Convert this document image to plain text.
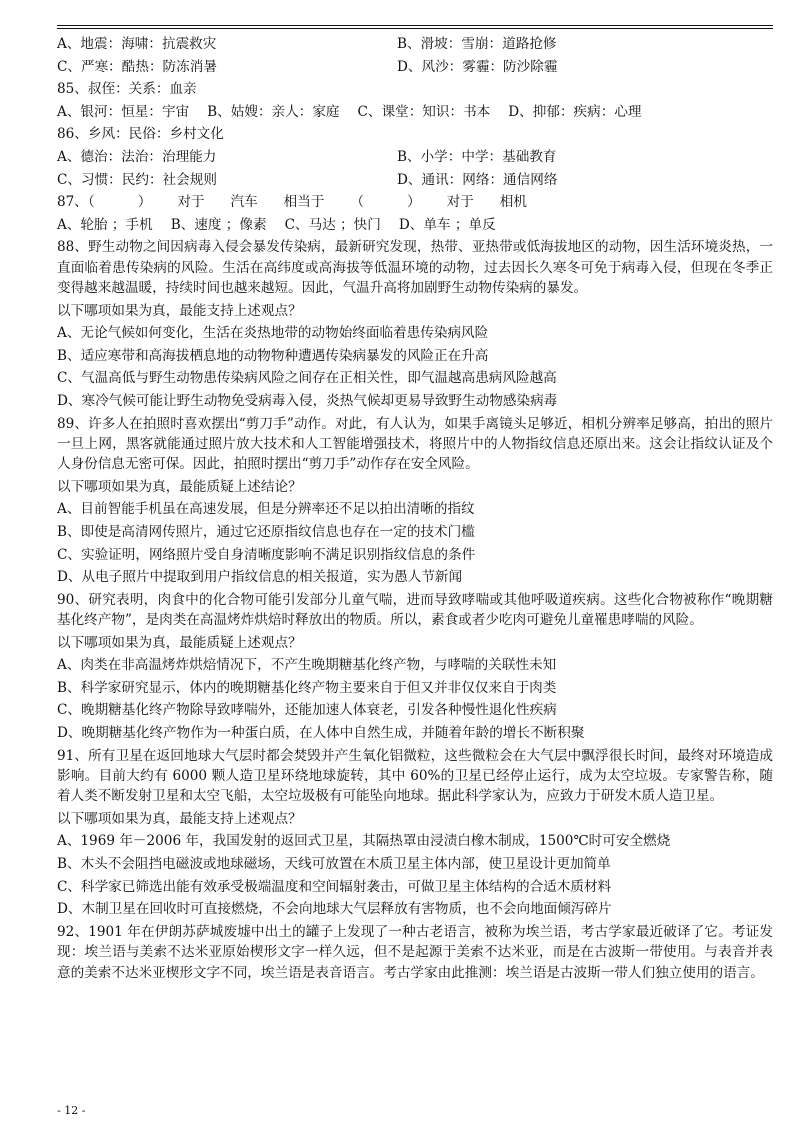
A、地震：海啸：抗震救灾	B、滑坡：雪崩：道路抢修
C、严寒：酷热：防冻消暑	D、风沙：雾霾：防沙除霾
85、叔侄：关系：血亲
A、银河：恒星：宇宙 B、姑嫂：亲人：家庭 C、课堂：知识：书本 D、抑郁：疾病：心理
86、乡风：民俗：乡村文化
A、德治：法治：治理能力	B、小学：中学：基础教育
C、习惯：民约：社会规则	D、通讯：网络：通信网络
87、（          ）      对于      汽车      相当于      （          ）      对于      相机
A、轮胎 ；手机 B、速度 ；像素 C、马达 ；快门 D、单车 ；单反
88、野生动物之间因病毒入侵会暴发传染病，最新研究发现，热带、亚热带或低海拔地区的动物，因生活环境炎热，一直面临着患传染病的风险。生活在高纬度或高海拔等低温环境的动物，过去因长久寒冬可免于病毒入侵，但现在冬季正变得越来越温暖，持续时间也越来越短。因此，气温升高将加剧野生动物传染病的暴发。
以下哪项如果为真，最能支持上述观点？
A、无论气候如何变化，生活在炎热地带的动物始终面临着患传染病风险
B、适应寒带和高海拔栖息地的动物物种遭遇传染病暴发的风险正在升高
C、气温高低与野生动物患传染病风险之间存在正相关性，即气温越高患病风险越高
D、寒冷气候可能让野生动物免受病毒入侵，炎热气候却更易导致野生动物感染病毒
89、许多人在拍照时喜欢摆出“剪刀手”动作。对此，有人认为，如果手离镜头足够近，相机分辨率足够高，拍出的照片一旦上网，黑客就能通过照片放大技术和人工智能增强技术，将照片中的人物指纹信息还原出来。这会让指纹认证及个人身份信息无密可保。因此，拍照时摆出“剪刀手”动作存在安全风险。
以下哪项如果为真，最能质疑上述结论？
A、目前智能手机虽在高速发展，但是分辨率还不足以拍出清晰的指纹
B、即使是高清网传照片，通过它还原指纹信息也存在一定的技术门槛
C、实验证明，网络照片受自身清晰度影响不满足识别指纹信息的条件
D、从电子照片中提取到用户指纹信息的相关报道，实为愚人节新闻
90、研究表明，肉食中的化合物可能引发部分儿童气喘，进而导致哮喘或其他呼吸道疾病。这些化合物被称作“晚期糖基化终产物”，是肉类在高温烤炸烘焙时释放出的物质。所以，素食或者少吃肉可避免儿童罹患哮喘的风险。
以下哪项如果为真，最能质疑上述观点？
A、肉类在非高温烤炸烘焙情况下，不产生晚期糖基化终产物，与哮喘的关联性未知
B、科学家研究显示，体内的晚期糖基化终产物主要来自于但又并非仅仅来自于肉类
C、晚期糖基化终产物除导致哮喘外，还能加速人体衰老，引发各种慢性退化性疾病
D、晚期糖基化终产物作为一种蛋白质，在人体中自然生成，并随着年龄的增长不断积聚
91、所有卫星在返回地球大气层时都会焚毁并产生氧化铝微粒，这些微粒会在大气层中飘浮很长时间，最终对环境造成影响。目前大约有 6000 颗人造卫星环绕地球旋转，其中 60%的卫星已经停止运行，成为太空垃圾。专家警告称，随着人类不断发射卫星和太空飞船，太空垃圾极有可能坠向地球。据此科学家认为，应致力于研发木质人造卫星。
以下哪项如果为真，最能支持上述观点？
A、1969 年－2006 年，我国发射的返回式卫星，其隔热罩由浸渍白橡木制成，1500℃时可安全燃烧
B、木头不会阻挡电磁波或地球磁场，天线可放置在木质卫星主体内部，使卫星设计更加简单
C、科学家已筛选出能有效承受极端温度和空间辐射袭击，可做卫星主体结构的合适木质材料
D、木制卫星在回收时可直接燃烧，不会向地球大气层释放有害物质，也不会向地面倾泻碎片
92、1901 年在伊朗苏萨城废墟中出土的罐子上发现了一种古老语言，被称为埃兰语，考古学家最近破译了它。考证发现：埃兰语与美索不达米亚原始楔形文字一样久远，但不是起源于美索不达米亚，而是在古波斯一带使用。与表音并表意的美索不达米亚楔形文字不同，埃兰语是表音语言。考古学家由此推测：埃兰语是古波斯一带人们独立使用的语言。
- 12 -
